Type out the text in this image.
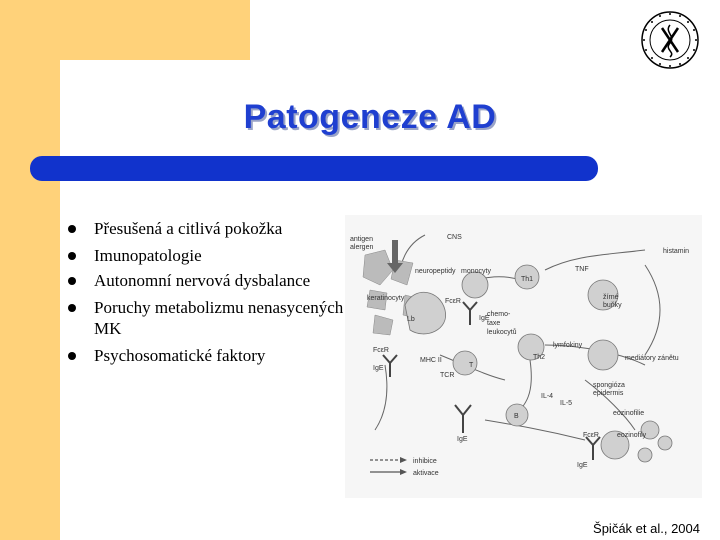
Patogeneze AD
Přesušená a citlivá pokožka
Imunopatologie
Autonomní nervová dysbalance
Poruchy metabolizmu nenasycených MK
Psychosomatické faktory
antigen
alergen
CNS
neuropeptidy
keratinocyty
monocyty
Th1
TNF
histamin
žírné
buňky
FcεR
IgE
Lb
chemo-
taxe
leukocytů
FcεR
IgE
MHC II
TCR
T
Th2
lymfokiny
mediátory zánětu
spongióza
epidermis
IL-4
IL-5
B	eozinofilie
eozinofily
FcεR
IgE
IgE
inhibice
aktivace
Špičák et al., 2004
